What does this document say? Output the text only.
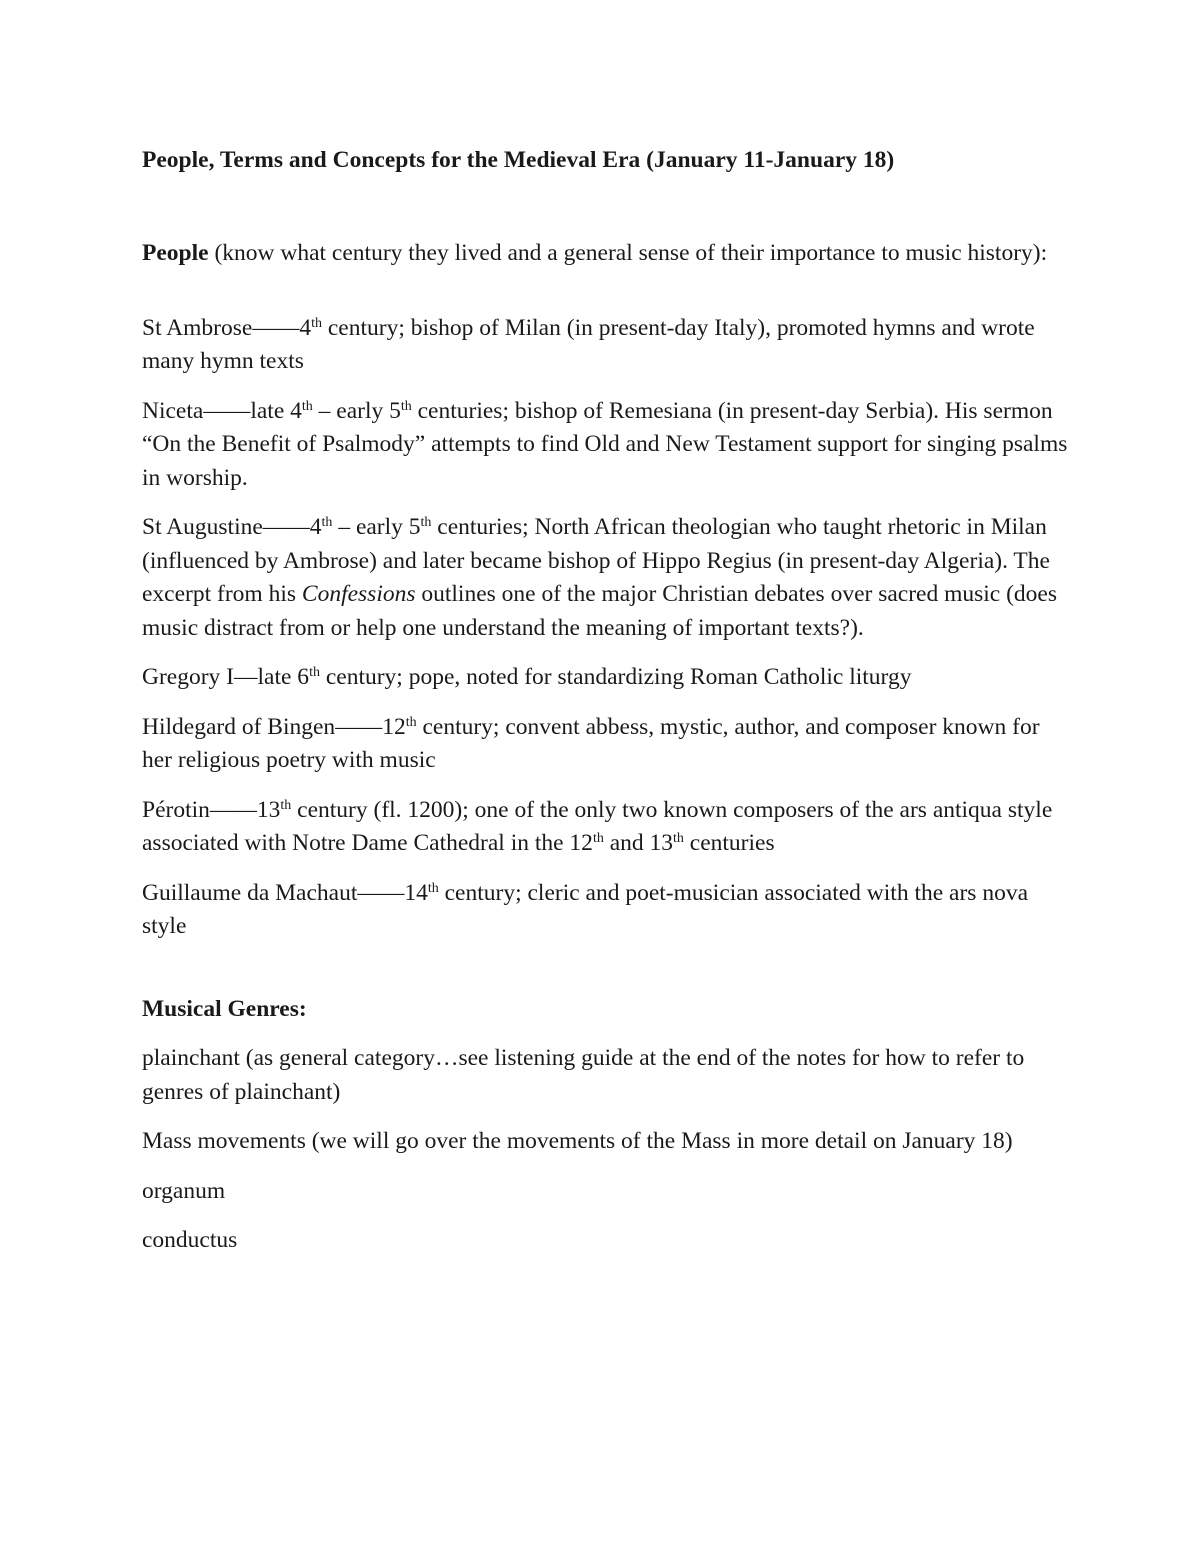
People, Terms and Concepts for the Medieval Era (January 11-January 18)

People (know what century they lived and a general sense of their importance to music history):

St Ambrose——4th century; bishop of Milan (in present-day Italy), promoted hymns and wrote many hymn texts

Niceta——late 4th – early 5th centuries; bishop of Remesiana (in present-day Serbia). His sermon “On the Benefit of Psalmody” attempts to find Old and New Testament support for singing psalms in worship.

St Augustine——4th – early 5th centuries; North African theologian who taught rhetoric in Milan (influenced by Ambrose) and later became bishop of Hippo Regius (in present-day Algeria). The excerpt from his Confessions outlines one of the major Christian debates over sacred music (does music distract from or help one understand the meaning of important texts?).

Gregory I—late 6th century; pope, noted for standardizing Roman Catholic liturgy

Hildegard of Bingen——12th century; convent abbess, mystic, author, and composer known for her religious poetry with music

Pérotin——13th century (fl. 1200); one of the only two known composers of the ars antiqua style associated with Notre Dame Cathedral in the 12th and 13th centuries

Guillaume da Machaut——14th century; cleric and poet-musician associated with the ars nova style

Musical Genres:

plainchant (as general category…see listening guide at the end of the notes for how to refer to genres of plainchant)

Mass movements (we will go over the movements of the Mass in more detail on January 18)

organum

conductus
